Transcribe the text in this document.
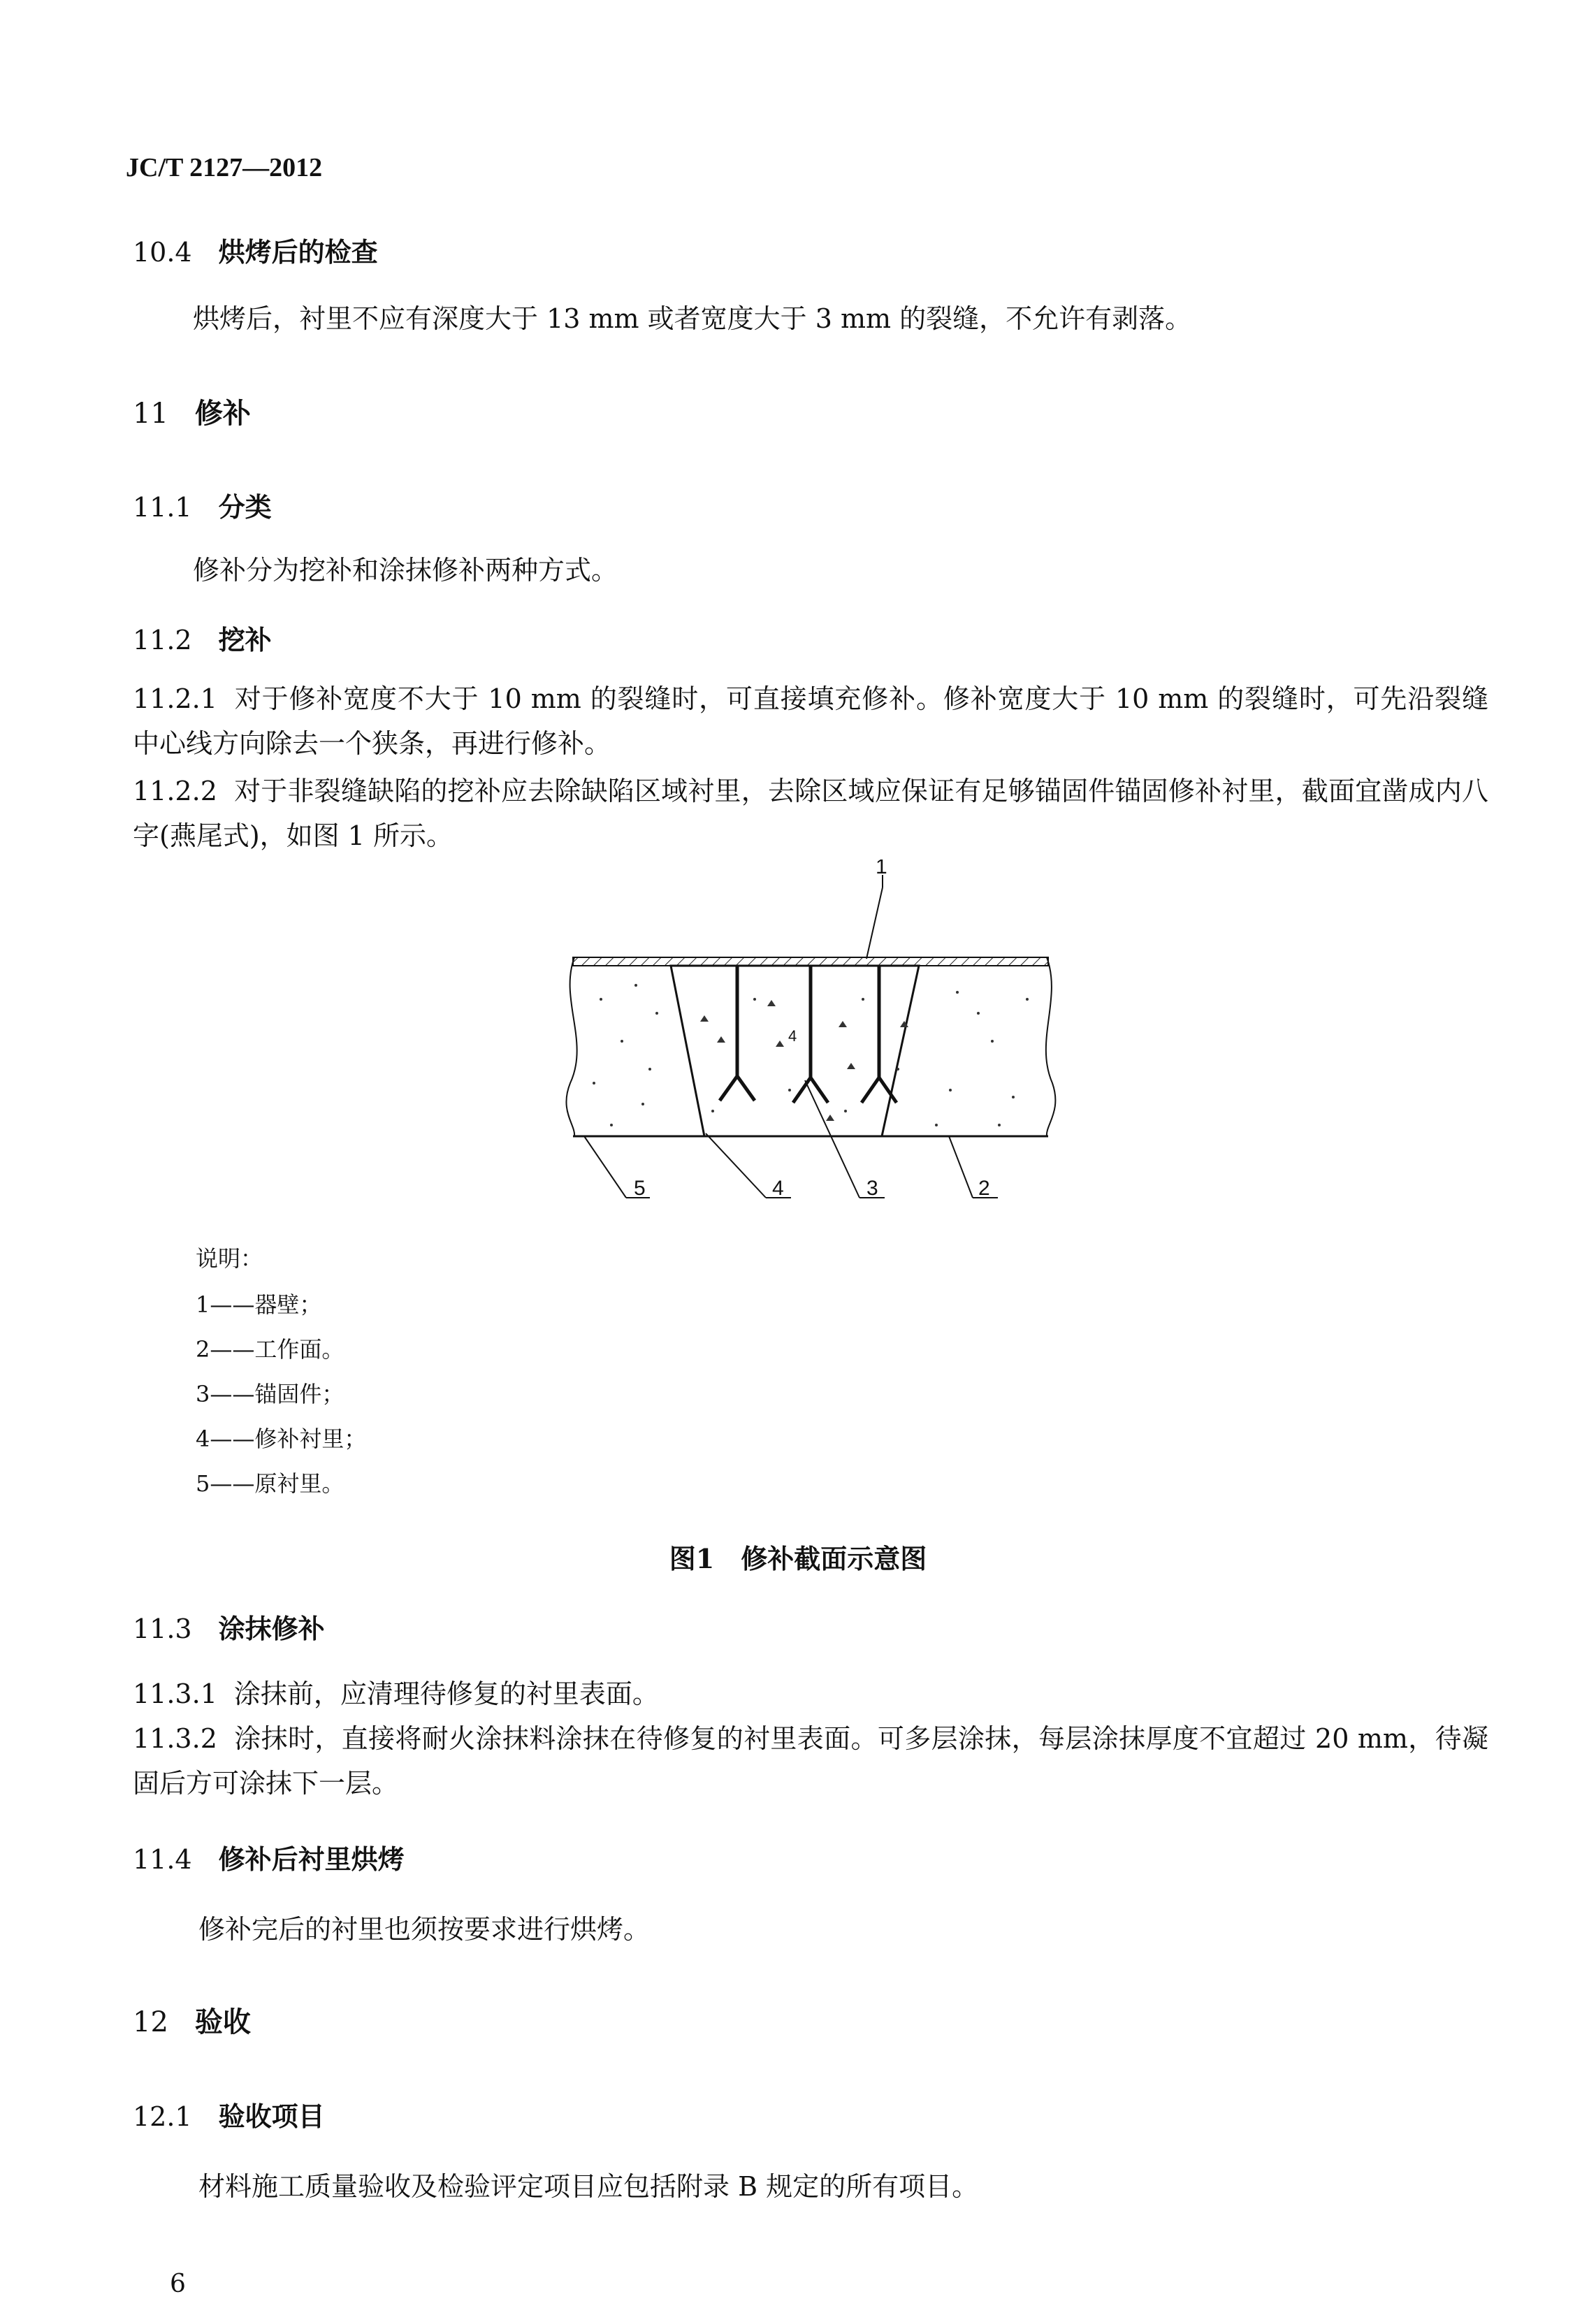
JC/T 2127—2012
10.4 烘烤后的检查
烘烤后，衬里不应有深度大于 13 mm 或者宽度大于 3 mm 的裂缝，不允许有剥落。
11 修补
11.1 分类
修补分为挖补和涂抹修补两种方式。
11.2 挖补
11.2.1 对于修补宽度不大于 10 mm 的裂缝时，可直接填充修补。修补宽度大于 10 mm 的裂缝时，可先沿裂缝中心线方向除去一个狭条，再进行修补。
11.2.2 对于非裂缝缺陷的挖补应去除缺陷区域衬里，去除区域应保证有足够锚固件锚固修补衬里，截面宜凿成内八字(燕尾式)，如图 1 所示。
4
1
5	4	3	2
说明：
1——器壁；
2——工作面。
3——锚固件；
4——修补衬里；
5——原衬里。
图1 修补截面示意图
11.3 涂抹修补
11.3.1 涂抹前，应清理待修复的衬里表面。
11.3.2 涂抹时，直接将耐火涂抹料涂抹在待修复的衬里表面。可多层涂抹，每层涂抹厚度不宜超过 20 mm，待凝固后方可涂抹下一层。
11.4 修补后衬里烘烤
修补完后的衬里也须按要求进行烘烤。
12 验收
12.1 验收项目
材料施工质量验收及检验评定项目应包括附录 B 规定的所有项目。
6
